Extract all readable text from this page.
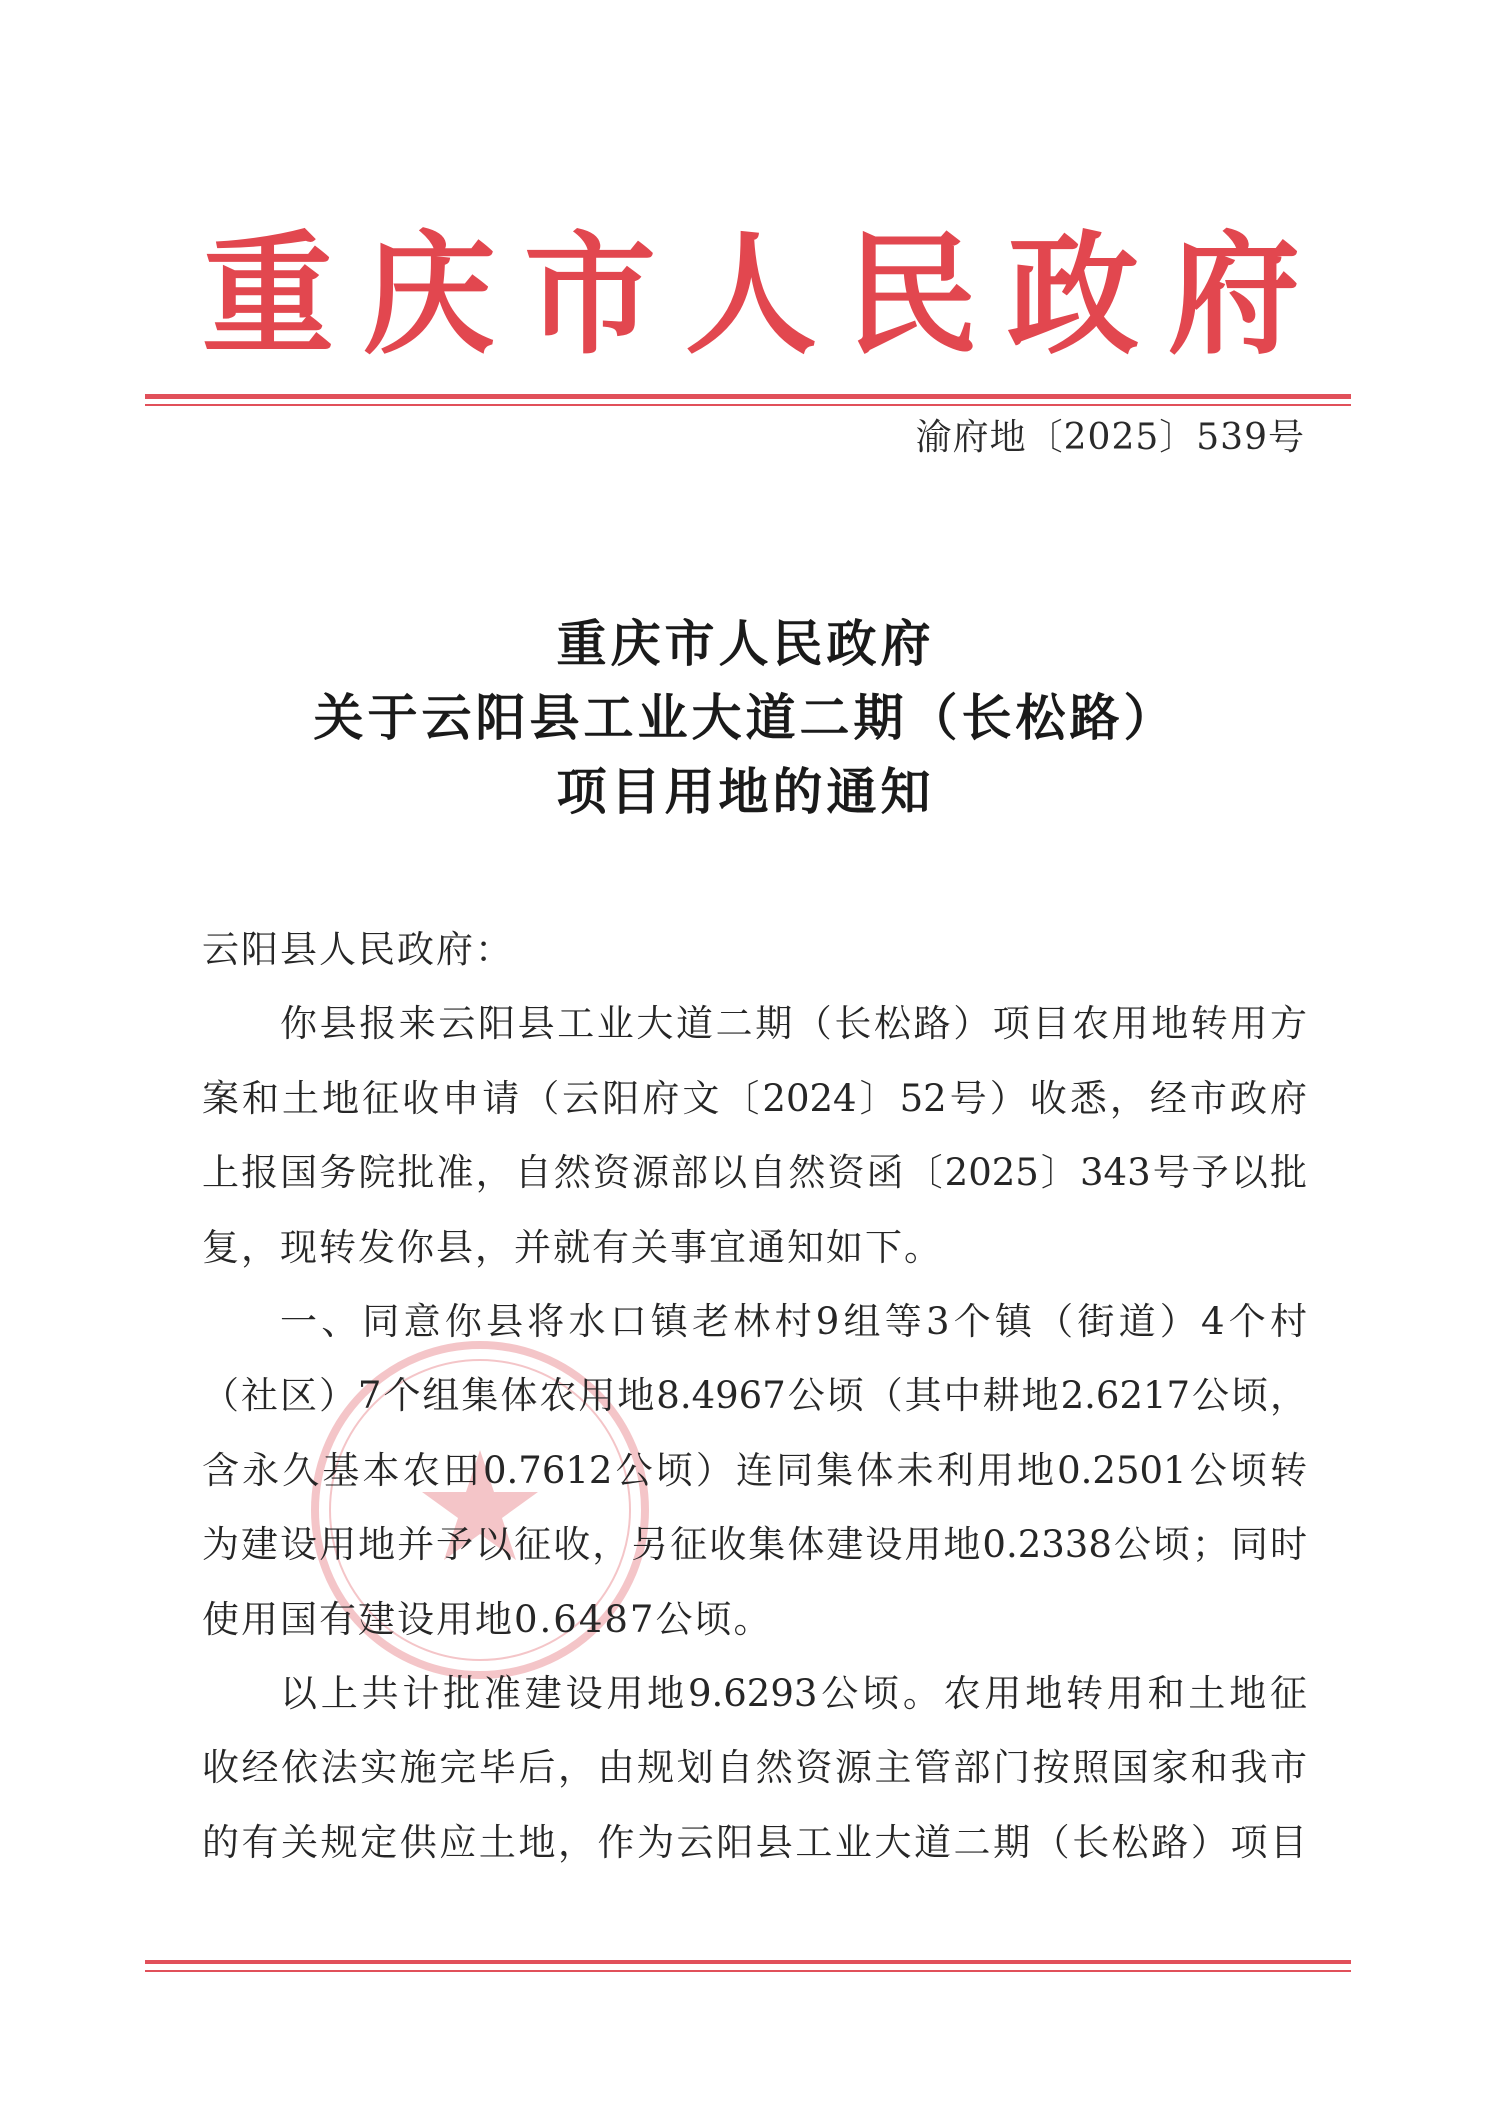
重庆市人民政府
渝府地〔2025〕539号
重庆市人民政府
关于云阳县工业大道二期（长松路）
项目用地的通知
云阳县人民政府：
你县报来云阳县工业大道二期（长松路）项目农用地转用方
案和土地征收申请（云阳府文〔2024〕52号）收悉，经市政府
上报国务院批准，自然资源部以自然资函〔2025〕343号予以批
复，现转发你县，并就有关事宜通知如下。
一、同意你县将水口镇老林村9组等3个镇（街道）4个村
（社区）7个组集体农用地8.4967公顷（其中耕地2.6217公顷，
含永久基本农田0.7612公顷）连同集体未利用地0.2501公顷转
为建设用地并予以征收，另征收集体建设用地0.2338公顷；同时
使用国有建设用地0.6487公顷。
以上共计批准建设用地9.6293公顷。农用地转用和土地征
收经依法实施完毕后，由规划自然资源主管部门按照国家和我市
的有关规定供应土地，作为云阳县工业大道二期（长松路）项目
